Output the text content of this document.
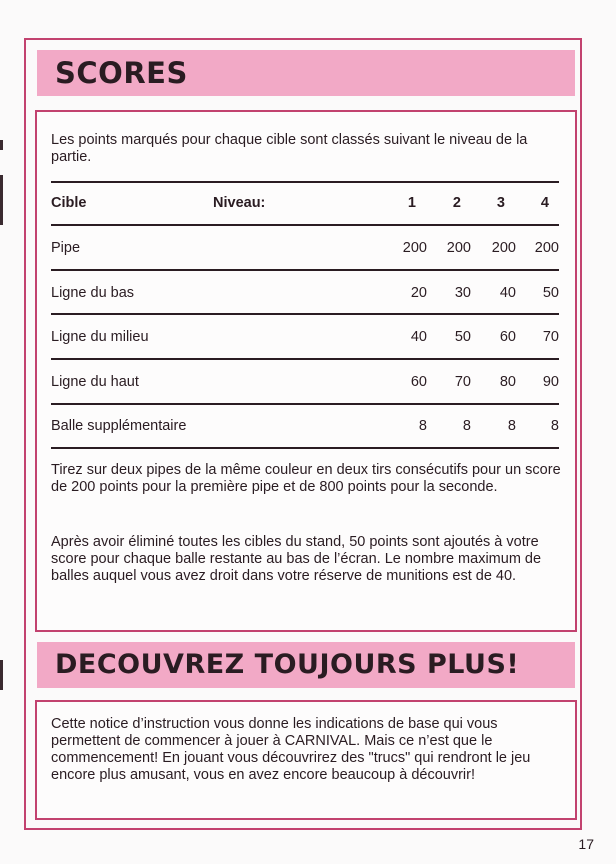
SCORES

Les points marqués pour chaque cible sont classés suivant le niveau de la partie.

Cible	Niveau:	1	2	3	4
Pipe	200	200	200	200
Ligne du bas	20	30	40	50
Ligne du milieu	40	50	60	70
Ligne du haut	60	70	80	90
Balle supplémentaire	8	8	8	8

Tirez sur deux pipes de la même couleur en deux tirs consécutifs pour un score de 200 points pour la première pipe et de 800 points pour la seconde.

Après avoir éliminé toutes les cibles du stand, 50 points sont ajoutés à votre score pour chaque balle restante au bas de l’écran. Le nombre maximum de balles auquel vous avez droit dans votre réserve de munitions est de 40.

DECOUVREZ TOUJOURS PLUS!

Cette notice d’instruction vous donne les indications de base qui vous permettent de commencer à jouer à CARNIVAL. Mais ce n’est que le commencement! En jouant vous découvrirez des "trucs" qui rendront le jeu encore plus amusant, vous en avez encore beaucoup à découvrir!

17
